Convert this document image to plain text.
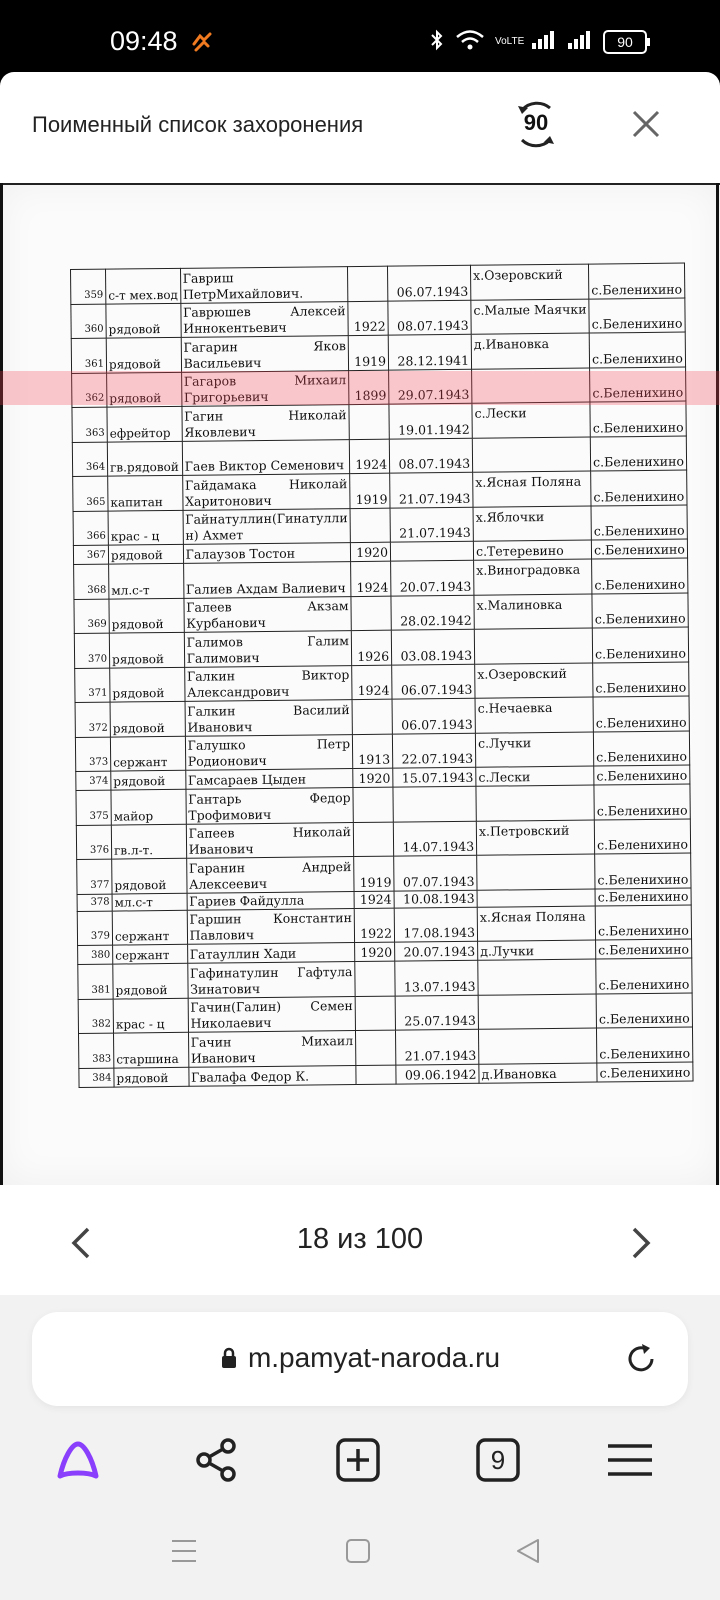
09:48	VoLTE	90
Поименный список захоронения	90
359	с-т мех.вод	Гавриш ПетрМихайлович.		06.07.1943	х.Озеровский	с.Беленихино
360	рядовой	Гаврюшев Алексей Иннокентьевич	1922	08.07.1943	с.Малые Маячки	с.Беленихино
361	рядовой	Гагарин Яков Васильевич	1919	28.12.1941	д.Ивановка	с.Беленихино
362	рядовой	Гагаров Михаил Григорьевич	1899	29.07.1943		с.Беленихино
363	ефрейтор	Гагин Николай Яковлевич		19.01.1942	с.Лески	с.Беленихино
364	гв.рядовой	Гаев Виктор Семенович	1924	08.07.1943		с.Беленихино
365	капитан	Гайдамака Николай Харитонович	1919	21.07.1943	х.Ясная Поляна	с.Беленихино
366	крас - ц	Гайнатуллин(Гинатулли н) Ахмет		21.07.1943	х.Яблочки	с.Беленихино
367	рядовой	Галаузов Тостон	1920		с.Тетеревино	с.Беленихино
368	мл.с-т	Галиев Ахдам Валиевич	1924	20.07.1943	х.Виноградовка	с.Беленихино
369	рядовой	Галеев Акзам Курбанович		28.02.1942	х.Малиновка	с.Беленихино
370	рядовой	Галимов Галим Галимович	1926	03.08.1943		с.Беленихино
371	рядовой	Галкин Виктор Александрович	1924	06.07.1943	х.Озеровский	с.Беленихино
372	рядовой	Галкин Василий Иванович		06.07.1943	с.Нечаевка	с.Беленихино
373	сержант	Галушко Петр Родионович	1913	22.07.1943	с.Лучки	с.Беленихино
374	рядовой	Гамсараев Цыден	1920	15.07.1943	с.Лески	с.Беленихино
375	майор	Гантарь Федор Трофимович				с.Беленихино
376	гв.л-т.	Гапеев Николай Иванович		14.07.1943	х.Петровский	с.Беленихино
377	рядовой	Гаранин Андрей Алексеевич	1919	07.07.1943		с.Беленихино
378	мл.с-т	Гариев Файдулла	1924	10.08.1943		с.Беленихино
379	сержант	Гаршин Константин Павлович	1922	17.08.1943	х.Ясная Поляна	с.Беленихино
380	сержант	Гатауллин Хади	1920	20.07.1943	д.Лучки	с.Беленихино
381	рядовой	Гафинатулин Гафтула Зинатович		13.07.1943		с.Беленихино
382	крас - ц	Гачин(Галин) Семен Николаевич		25.07.1943		с.Беленихино
383	старшина	Гачин Михаил Иванович		21.07.1943		с.Беленихино
384	рядовой	Гвалафа Федор К.		09.06.1942	д.Ивановка	с.Беленихино
18 из 100
m.pamyat-naroda.ru
9
